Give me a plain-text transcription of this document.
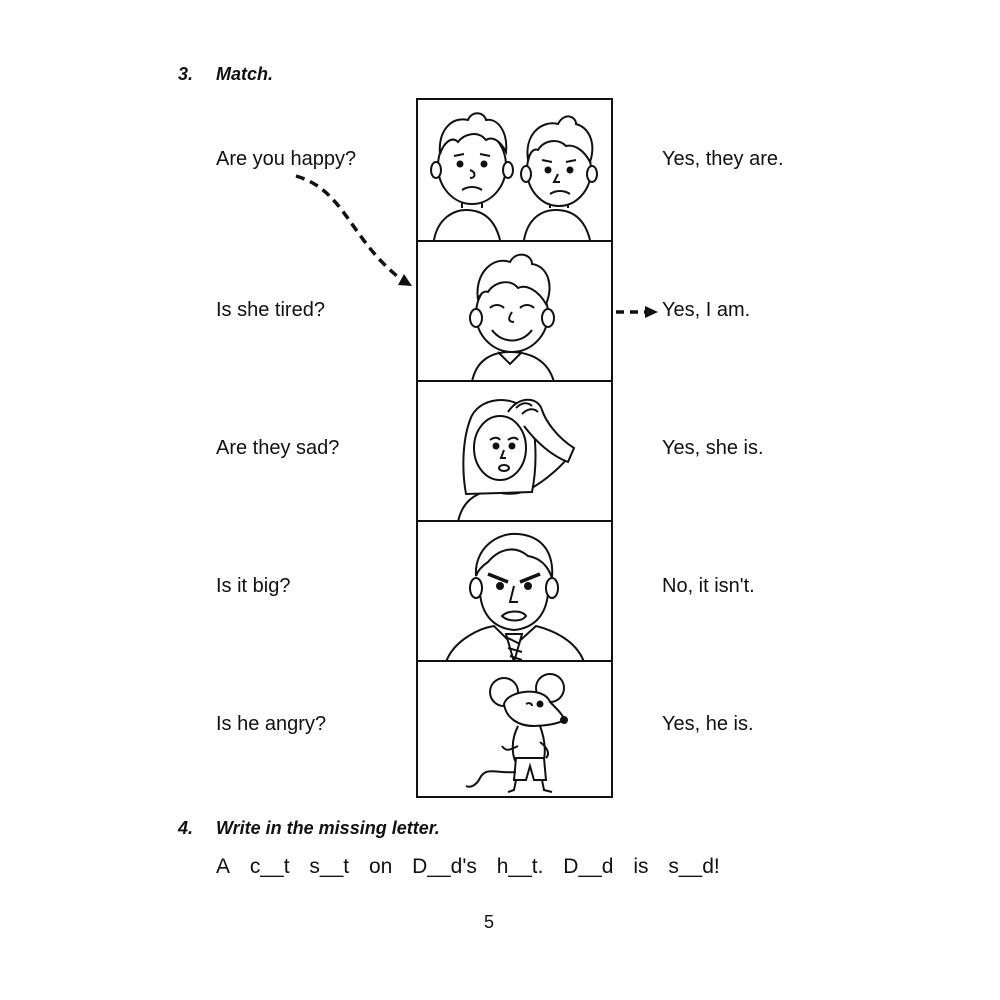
3. Match.
Are you happy?
Is she tired?
Are they sad?
Is it big?
Is he angry?
Yes, they are.
Yes, I am.
Yes, she is.
No, it isn't.
Yes, he is.
4. Write in the missing letter.
A c__t s__t on D__d's h__t. D__d is s__d!
5
